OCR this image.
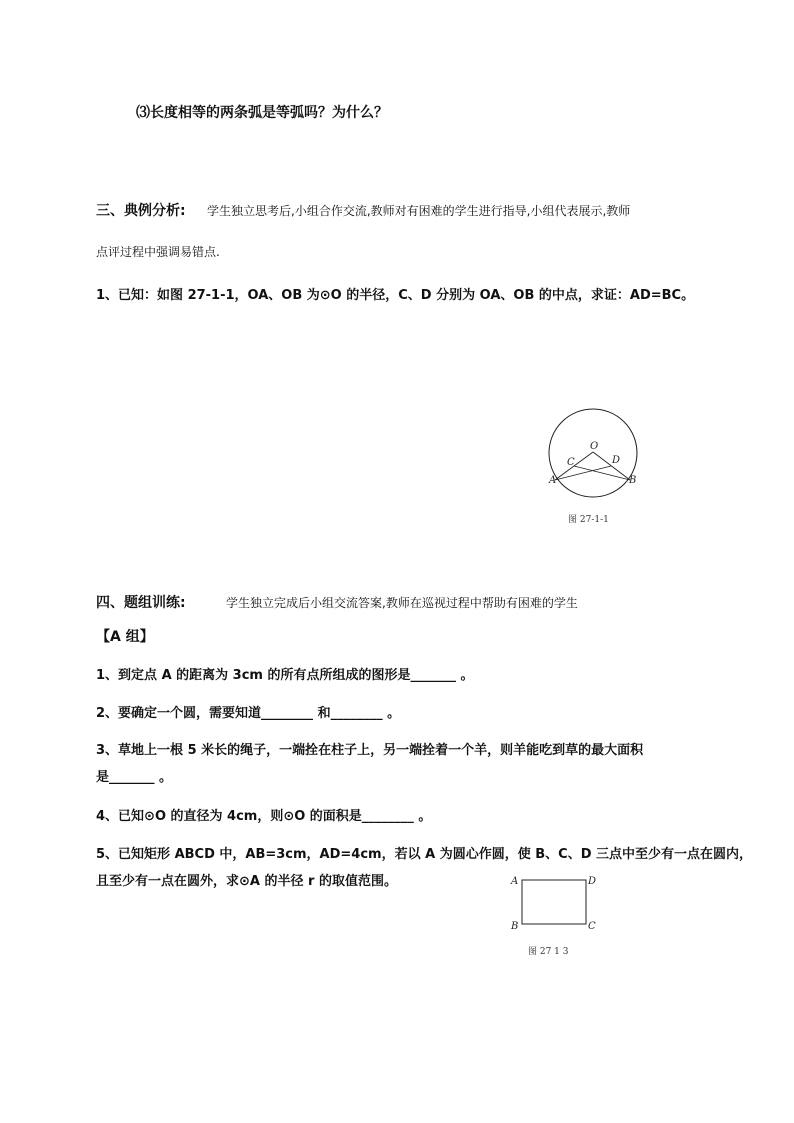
⑶长度相等的两条弧是等弧吗？为什么？
三、典例分析: 学生独立思考后,小组合作交流,教师对有困难的学生进行指导,小组代表展示,教师
点评过程中强调易错点.
1、已知：如图 27-1-1，OA、OB 为⊙O 的半径，C、D 分别为 OA、OB 的中点，求证：AD=BC。
O
C	D
A	B
图 27-1-1
四、题组训练:	学生独立完成后小组交流答案,教师在巡视过程中帮助有困难的学生
【A 组】
1、到定点 A 的距离为 3cm 的所有点所组成的图形是_______ 。
2、要确定一个圆，需要知道________ 和________ 。
3、草地上一根 5 米长的绳子，一端拴在柱子上，另一端拴着一个羊，则羊能吃到草的最大面积
是_______ 。
4、已知⊙O 的直径为 4cm，则⊙O 的面积是________ 。
5、已知矩形 ABCD 中，AB=3cm，AD=4cm，若以 A 为圆心作圆，使 B、C、D 三点中至少有一点在圆内，
且至少有一点在圆外，求⊙A 的半径 r 的取值范围。	A	D
B	C
图 27 1 3
